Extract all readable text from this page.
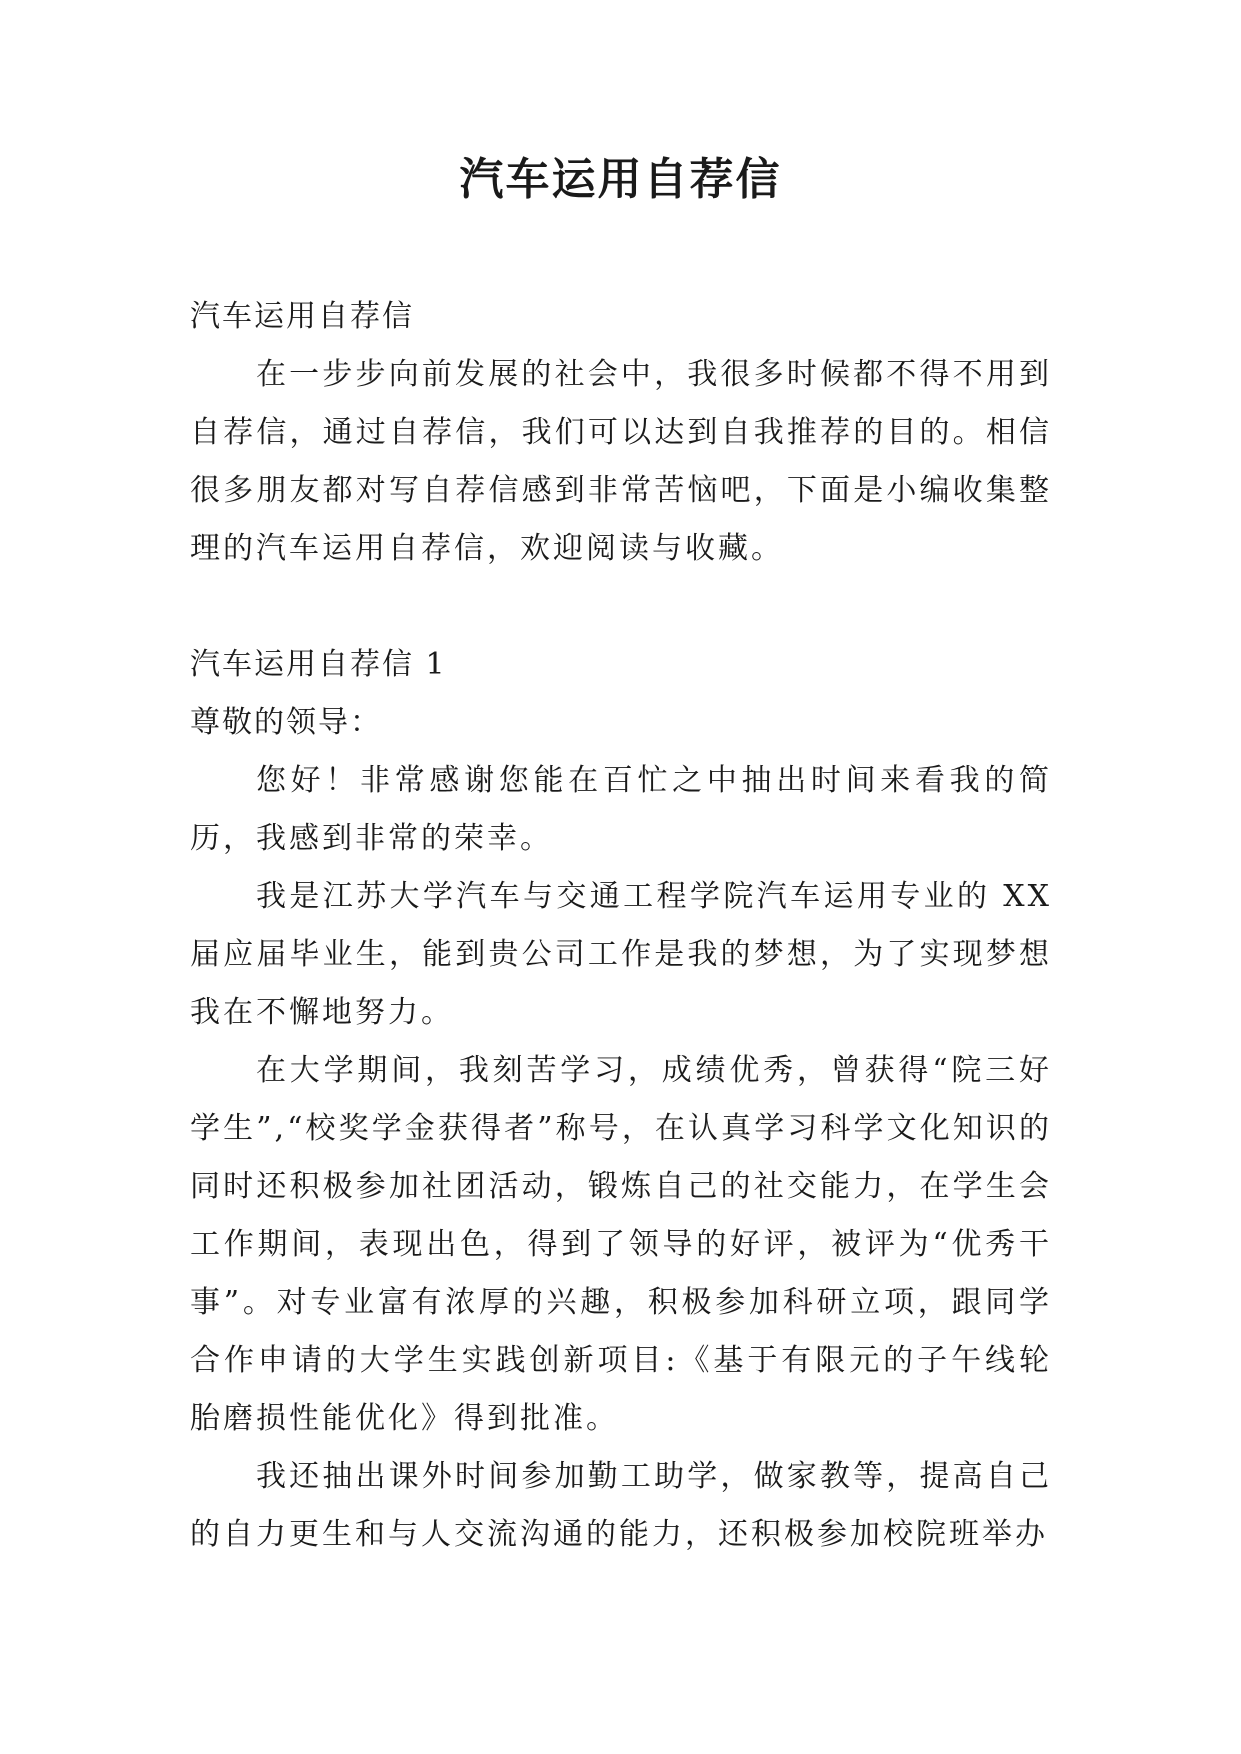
汽车运用自荐信

汽车运用自荐信

在一步步向前发展的社会中，我很多时候都不得不用到自荐信，通过自荐信，我们可以达到自我推荐的目的。相信很多朋友都对写自荐信感到非常苦恼吧，下面是小编收集整理的汽车运用自荐信，欢迎阅读与收藏。

汽车运用自荐信 1

尊敬的领导：

您好！非常感谢您能在百忙之中抽出时间来看我的简历，我感到非常的荣幸。

我是江苏大学汽车与交通工程学院汽车运用专业的 XX 届应届毕业生，能到贵公司工作是我的梦想，为了实现梦想我在不懈地努力。

在大学期间，我刻苦学习，成绩优秀，曾获得“院三好学生”,“校奖学金获得者”称号，在认真学习科学文化知识的同时还积极参加社团活动，锻炼自己的社交能力，在学生会工作期间，表现出色，得到了领导的好评，被评为“优秀干事”。对专业富有浓厚的兴趣，积极参加科研立项，跟同学合作申请的大学生实践创新项目:《基于有限元的子午线轮胎磨损性能优化》得到批准。

我还抽出课外时间参加勤工助学，做家教等，提高自己的自力更生和与人交流沟通的能力，还积极参加校院班举办
